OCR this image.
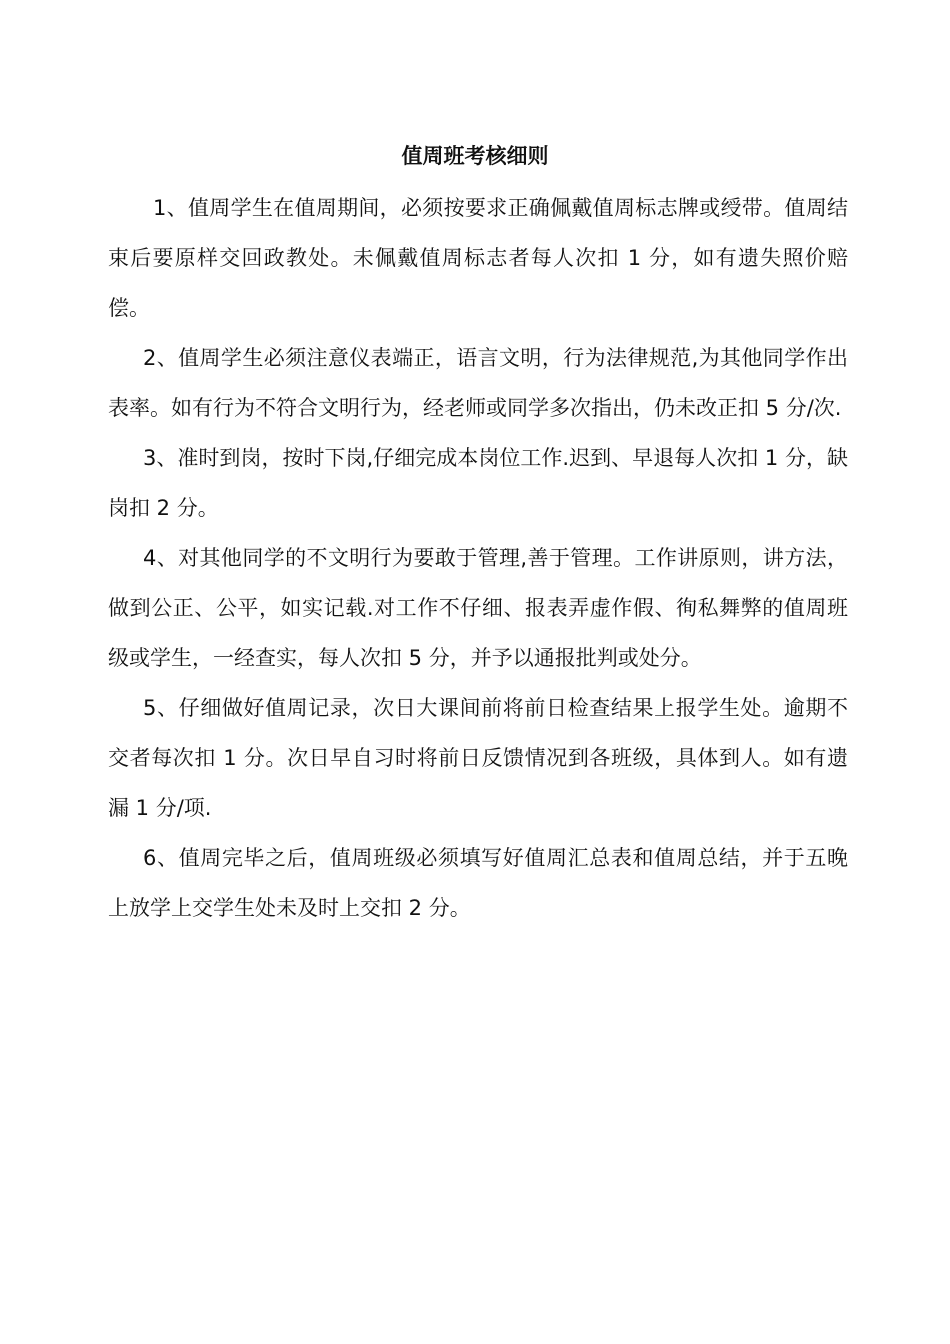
值周班考核细则

1、值周学生在值周期间，必须按要求正确佩戴值周标志牌或绶带。值周结束后要原样交回政教处。未佩戴值周标志者每人次扣 1 分，如有遗失照价赔偿。

2、值周学生必须注意仪表端正，语言文明，行为法律规范,为其他同学作出表率。如有行为不符合文明行为，经老师或同学多次指出，仍未改正扣 5 分/次.

3、准时到岗，按时下岗,仔细完成本岗位工作.迟到、早退每人次扣 1 分，缺岗扣 2 分。

4、对其他同学的不文明行为要敢于管理,善于管理。工作讲原则，讲方法，做到公正、公平，如实记载.对工作不仔细、报表弄虚作假、徇私舞弊的值周班级或学生，一经查实，每人次扣 5 分，并予以通报批判或处分。

5、仔细做好值周记录，次日大课间前将前日检查结果上报学生处。逾期不交者每次扣 1 分。次日早自习时将前日反馈情况到各班级，具体到人。如有遗漏 1 分/项.

6、值周完毕之后，值周班级必须填写好值周汇总表和值周总结，并于五晚上放学上交学生处未及时上交扣 2 分。
